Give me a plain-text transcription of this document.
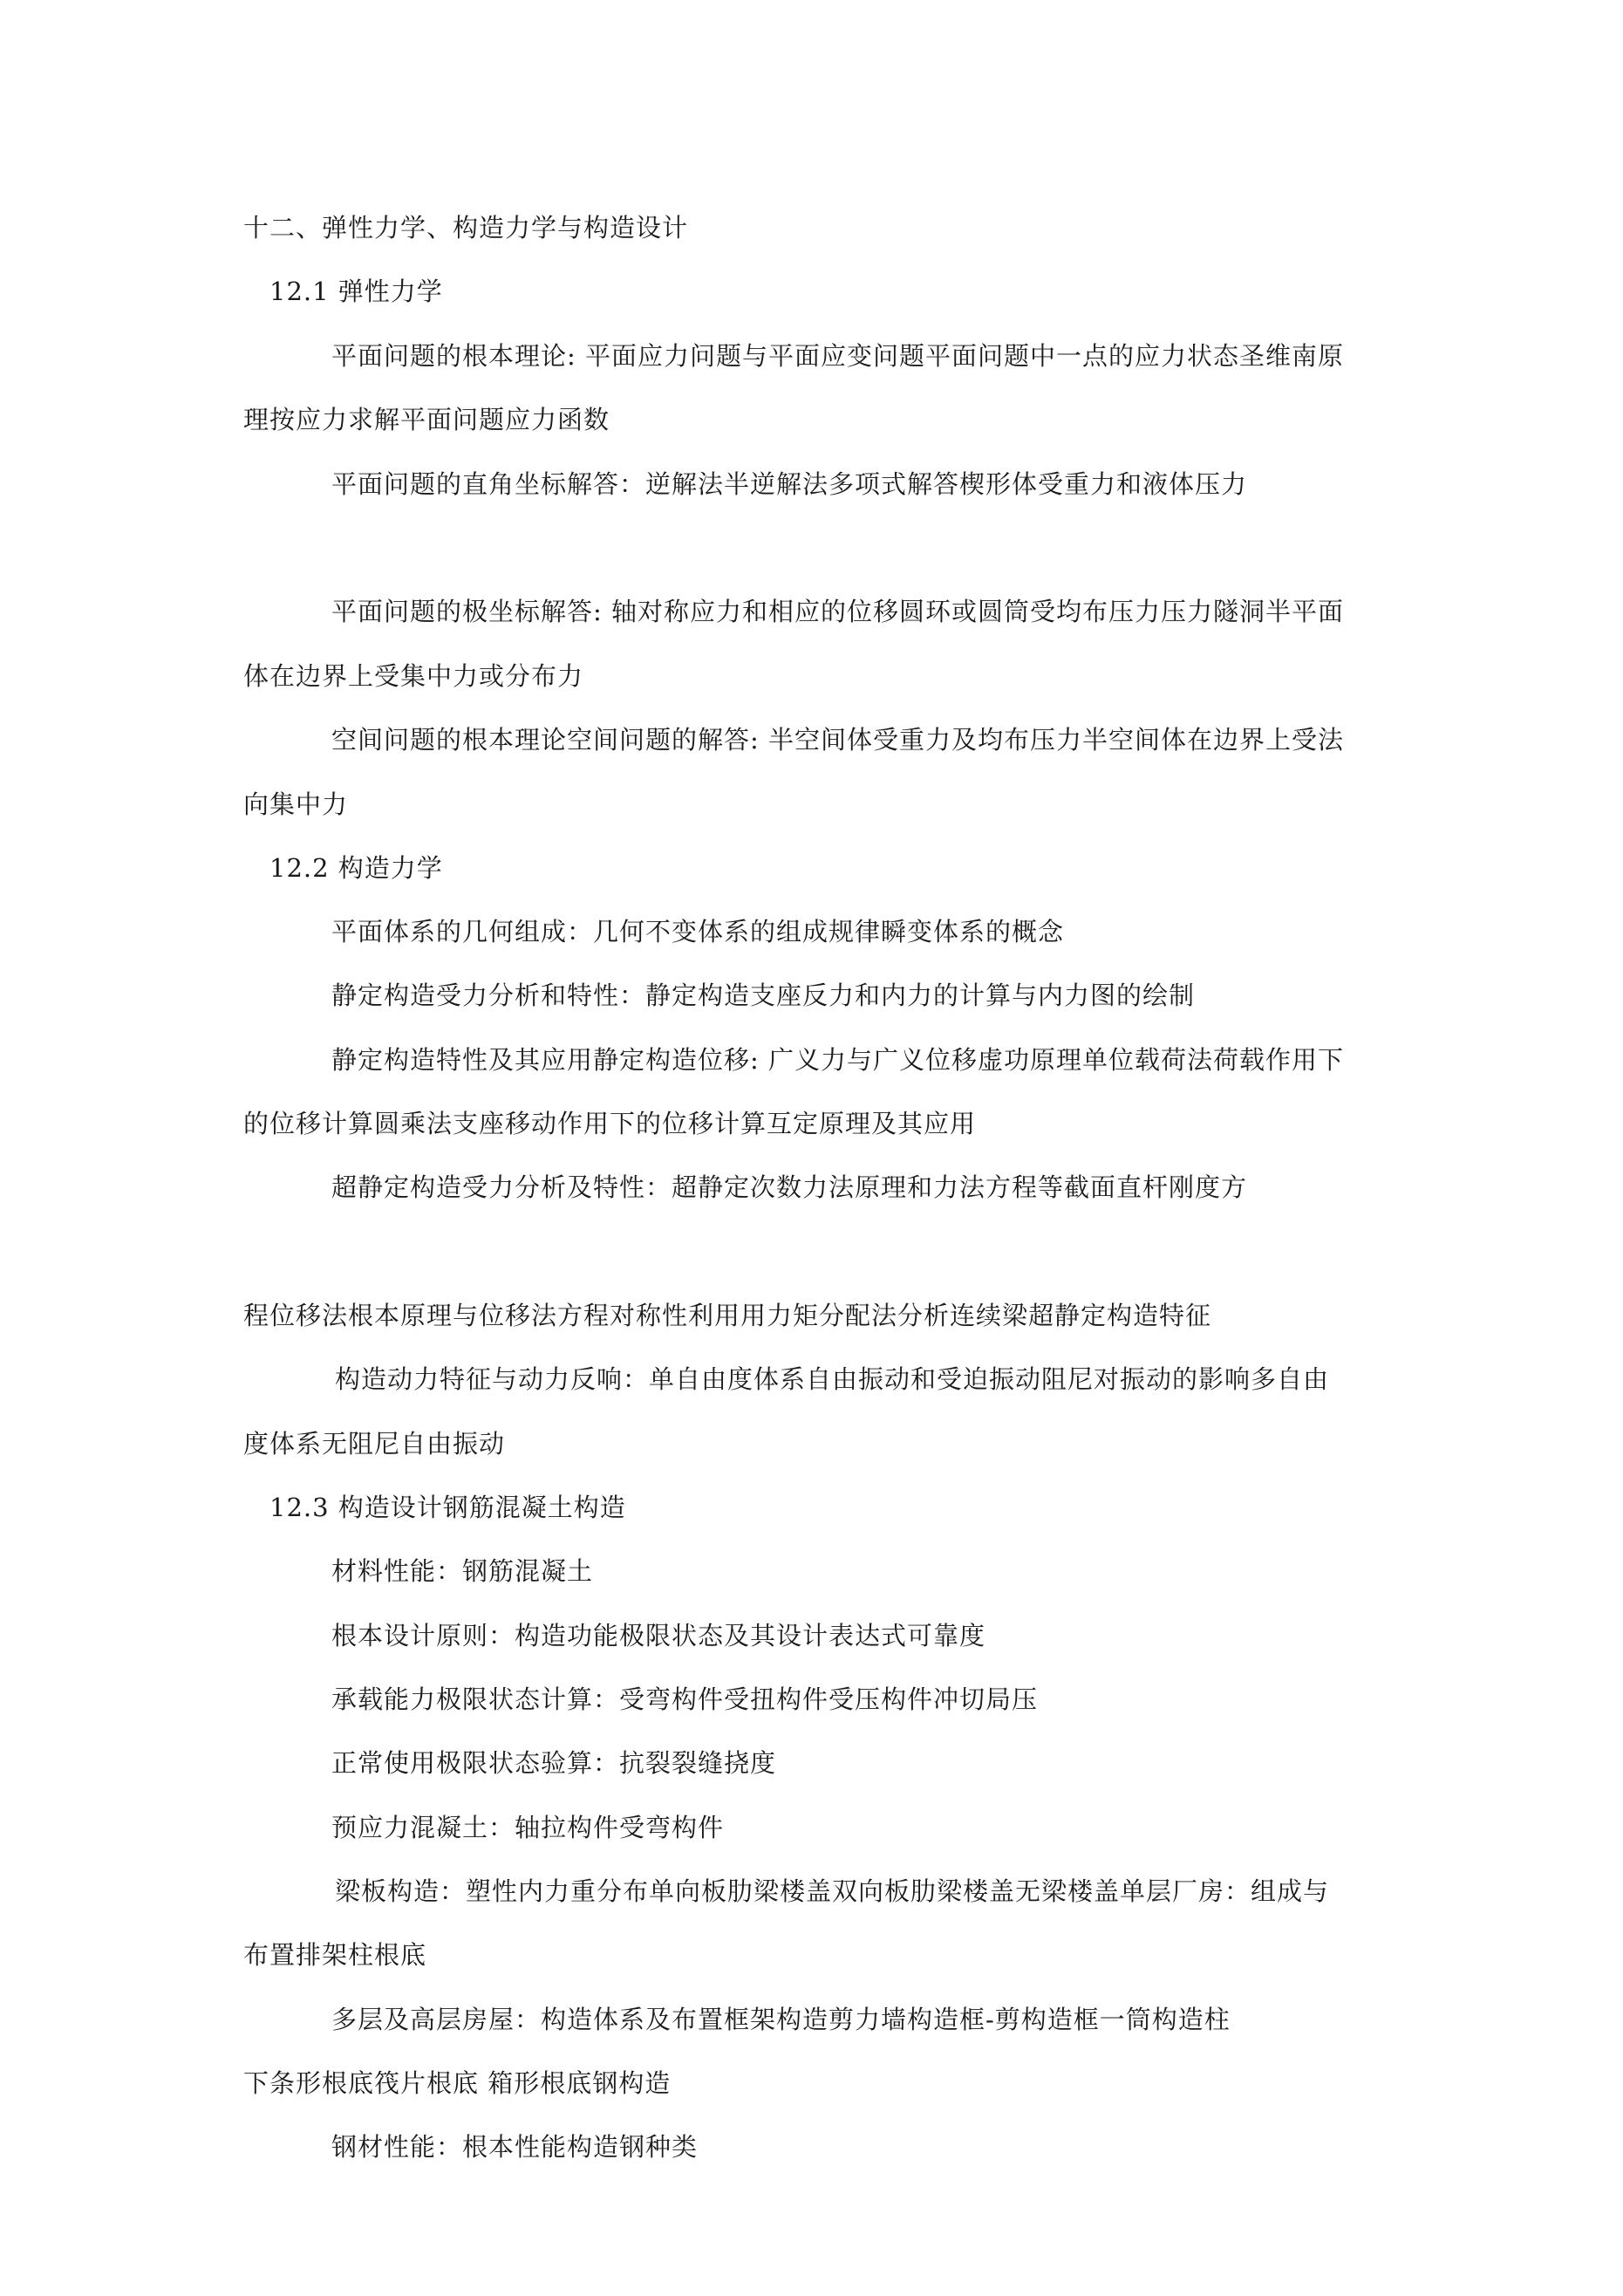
十二、弹性力学、构造力学与构造设计
12.1 弹性力学
平面问题的根本理论: 平面应力问题与平面应变问题平面问题中一点的应力状态圣维南原
理按应力求解平面问题应力函数
平面问题的直角坐标解答：逆解法半逆解法多项式解答楔形体受重力和液体压力
平面问题的极坐标解答: 轴对称应力和相应的位移圆环或圆筒受均布压力压力隧洞半平面
体在边界上受集中力或分布力
空间问题的根本理论空间问题的解答: 半空间体受重力及均布压力半空间体在边界上受法
向集中力
12.2 构造力学
平面体系的几何组成：几何不变体系的组成规律瞬变体系的概念
静定构造受力分析和特性：静定构造支座反力和内力的计算与内力图的绘制
静定构造特性及其应用静定构造位移: 广义力与广义位移虚功原理单位载荷法荷载作用下
的位移计算圆乘法支座移动作用下的位移计算互定原理及其应用
超静定构造受力分析及特性：超静定次数力法原理和力法方程等截面直杆刚度方
程位移法根本原理与位移法方程对称性利用用力矩分配法分析连续梁超静定构造特征
构造动力特征与动力反响：单自由度体系自由振动和受迫振动阻尼对振动的影响多自由
度体系无阻尼自由振动
12.3 构造设计钢筋混凝土构造
材料性能：钢筋混凝土
根本设计原则：构造功能极限状态及其设计表达式可靠度
承载能力极限状态计算：受弯构件受扭构件受压构件冲切局压
正常使用极限状态验算：抗裂裂缝挠度
预应力混凝土：轴拉构件受弯构件
梁板构造：塑性内力重分布单向板肋梁楼盖双向板肋梁楼盖无梁楼盖单层厂房：组成与
布置排架柱根底
多层及高层房屋：构造体系及布置框架构造剪力墙构造框-剪构造框一筒构造柱
下条形根底筏片根底 箱形根底钢构造
钢材性能：根本性能构造钢种类
